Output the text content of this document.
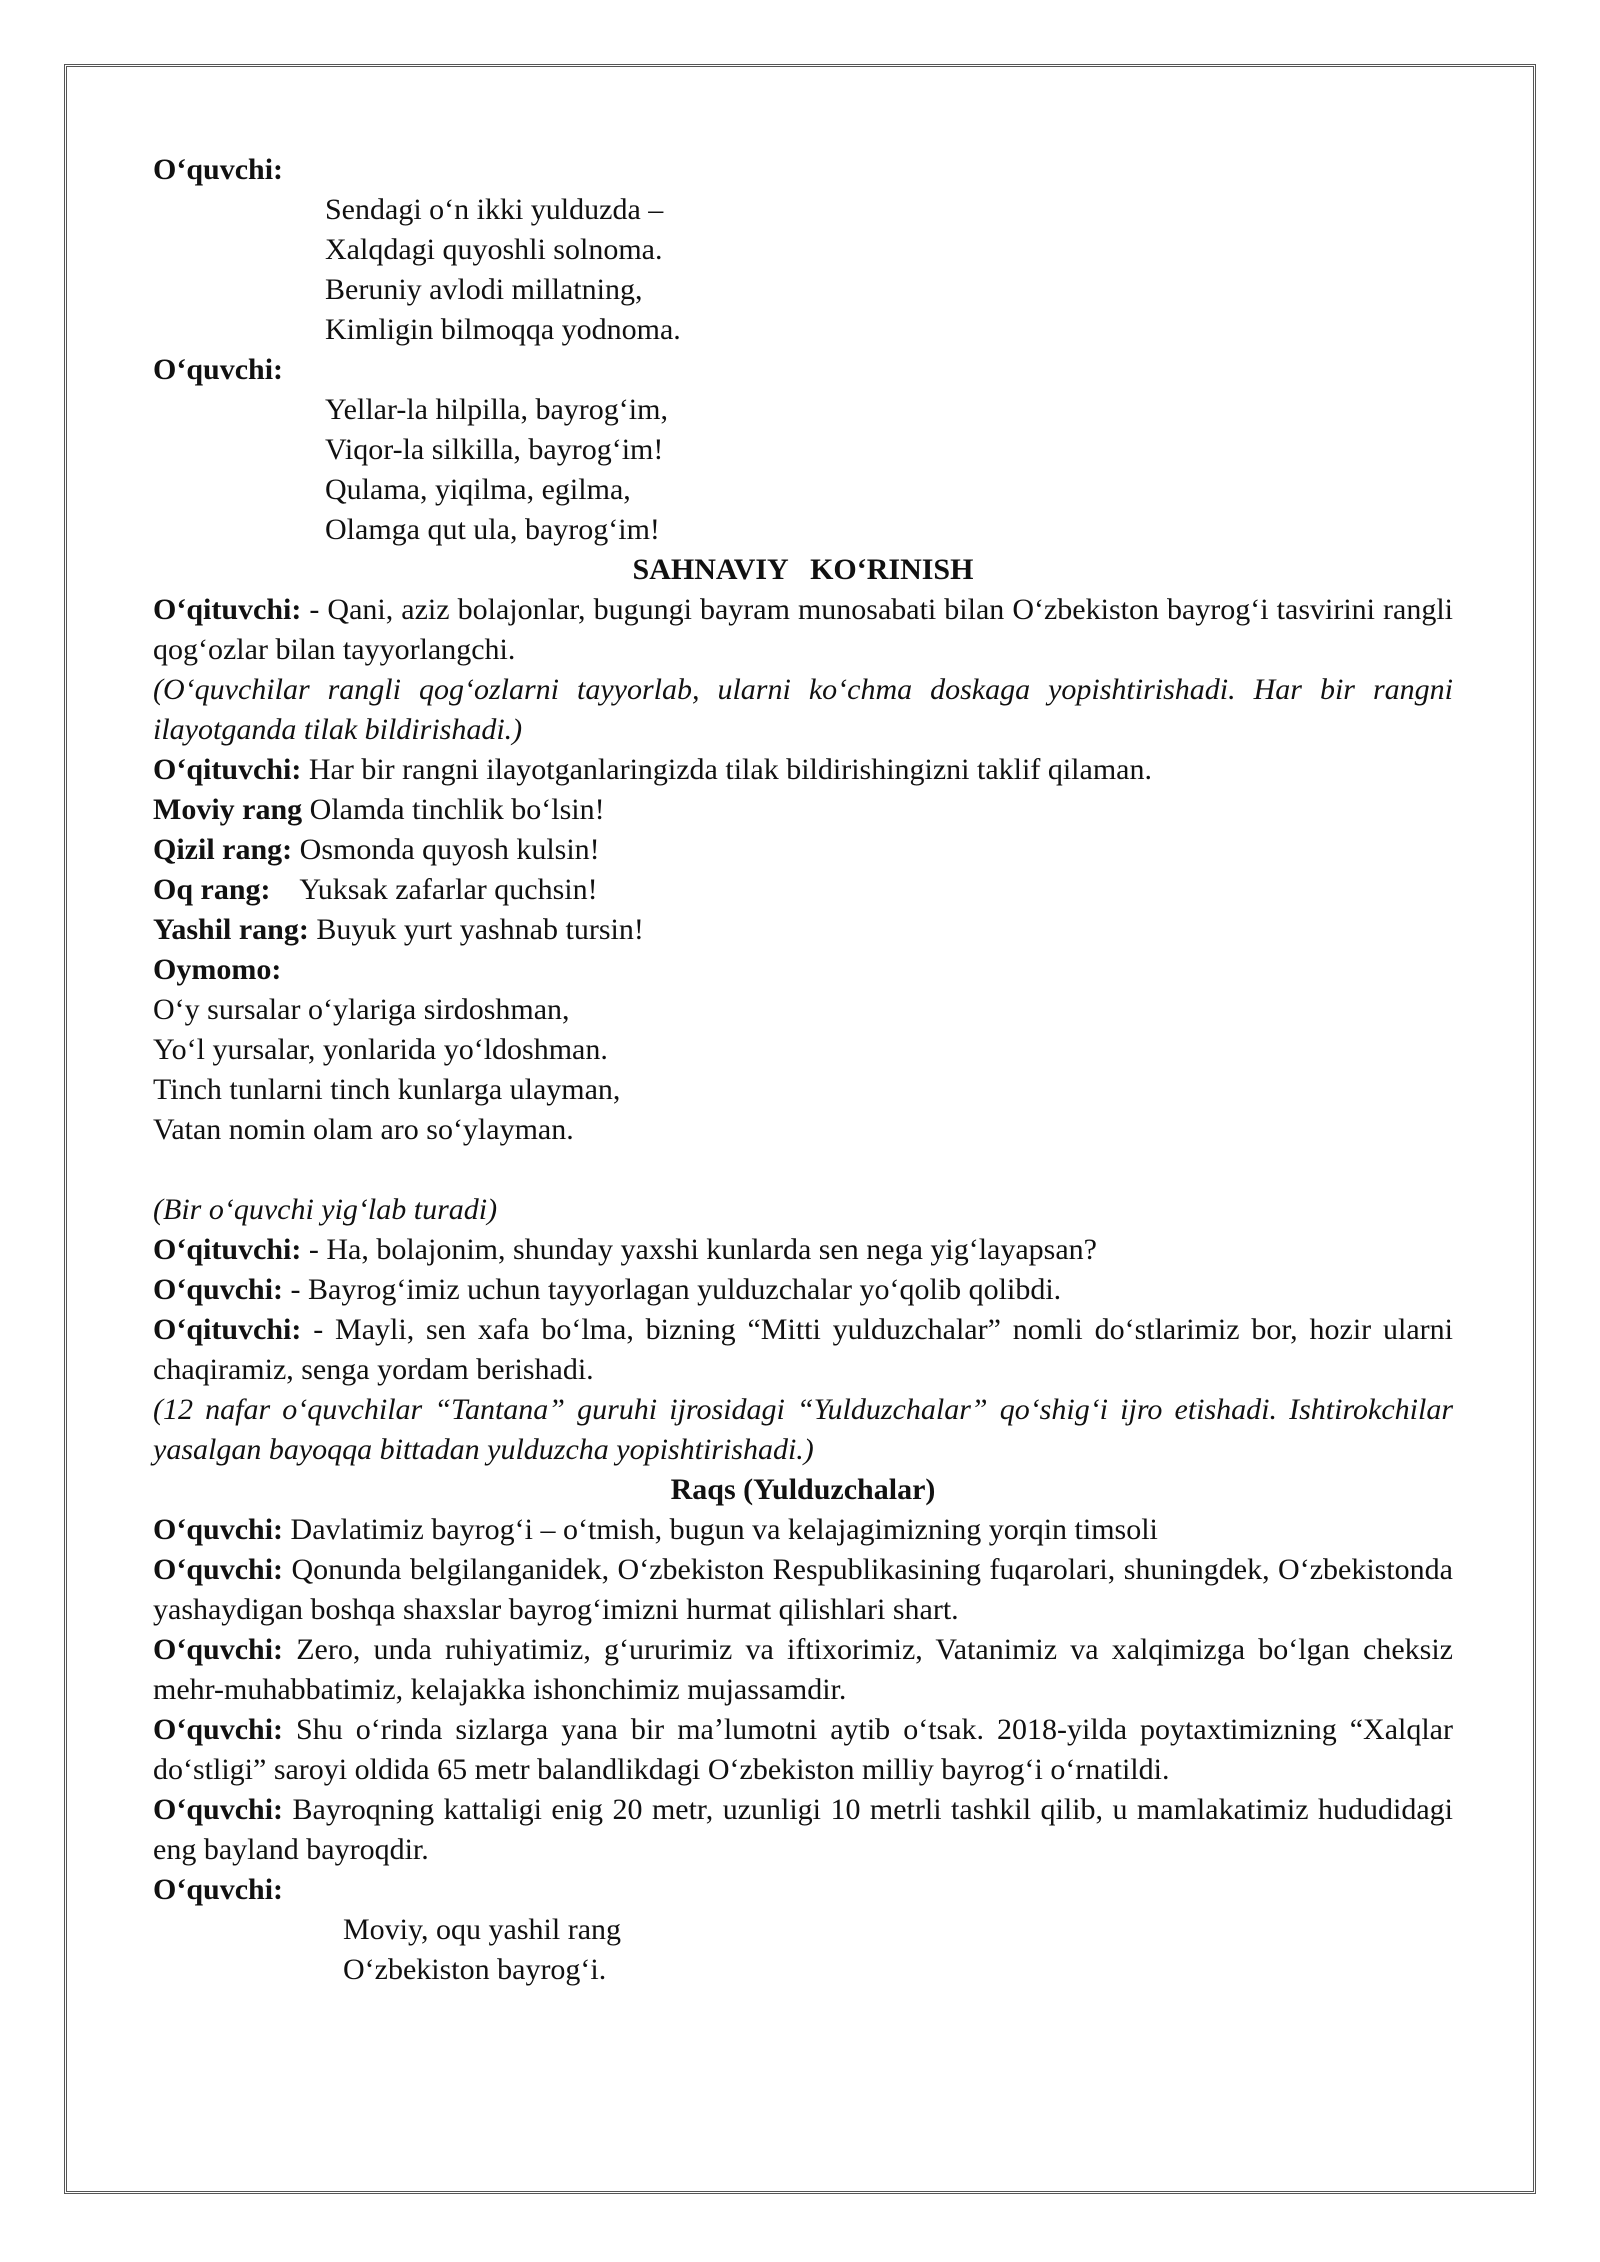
Oʻquvchi:

Sendagi oʻn ikki yulduzda –

Xalqdagi quyoshli solnoma.

Beruniy avlodi millatning,

Kimligin bilmoqqa yodnoma.

Oʻquvchi:

Yellar-la hilpilla, bayrogʻim,

Viqor-la silkilla, bayrogʻim!

Qulama, yiqilma, egilma,

Olamga qut ula, bayrogʻim!

SAHNAVIY   KOʻRINISH

Oʻqituvchi: - Qani, aziz bolajonlar, bugungi bayram munosabati bilan Oʻzbekiston bayrogʻi tasvirini rangli qogʻozlar bilan tayyorlangchi.

(Oʻquvchilar rangli qogʻozlarni tayyorlab, ularni koʻchma doskaga yopishtirishadi. Har bir rangni ilayotganda tilak bildirishadi.)

Oʻqituvchi: Har bir rangni ilayotganlaringizda tilak bildirishingizni taklif qilaman.

Moviy rang Olamda tinchlik boʻlsin!

Qizil rang: Osmonda quyosh kulsin!

Oq rang:    Yuksak zafarlar quchsin!

Yashil rang: Buyuk yurt yashnab tursin!

Oymomo:

Oʻy sursalar oʻylariga sirdoshman,

Yoʻl yursalar, yonlarida yoʻldoshman.

Tinch tunlarni tinch kunlarga ulayman,

Vatan nomin olam aro soʻylayman.

(Bir oʻquvchi yigʻlab turadi)

Oʻqituvchi: - Ha, bolajonim, shunday yaxshi kunlarda sen nega yigʻlayapsan?

Oʻquvchi: - Bayrogʻimiz uchun tayyorlagan yulduzchalar yoʻqolib qolibdi.

Oʻqituvchi: - Mayli, sen xafa boʻlma, bizning “Mitti yulduzchalar” nomli doʻstlarimiz bor, hozir ularni chaqiramiz, senga yordam berishadi.

(12 nafar oʻquvchilar “Tantana” guruhi ijrosidagi “Yulduzchalar” qoʻshigʻi ijro etishadi. Ishtirokchilar yasalgan bayoqqa bittadan yulduzcha yopishtirishadi.)

Raqs (Yulduzchalar)

Oʻquvchi: Davlatimiz bayrogʻi – oʻtmish, bugun va kelajagimizning yorqin timsoli

Oʻquvchi: Qonunda belgilanganidek, Oʻzbekiston Respublikasining fuqarolari, shuningdek, Oʻzbekistonda yashaydigan boshqa shaxslar bayrogʻimizni hurmat qilishlari shart.

Oʻquvchi: Zero, unda ruhiyatimiz, gʻururimiz va iftixorimiz, Vatanimiz va xalqimizga boʻlgan cheksiz mehr-muhabbatimiz, kelajakka ishonchimiz mujassamdir.

Oʻquvchi: Shu oʻrinda sizlarga yana bir maʼlumotni aytib oʻtsak. 2018-yilda poytaxtimizning “Xalqlar doʻstligi” saroyi oldida 65 metr balandlikdagi Oʻzbekiston milliy bayrogʻi oʻrnatildi.

Oʻquvchi: Bayroqning kattaligi enig 20 metr, uzunligi 10 metrli tashkil qilib, u mamlakatimiz hududidagi eng bayland bayroqdir.

Oʻquvchi:

Moviy, oqu yashil rang

Oʻzbekiston bayrogʻi.
